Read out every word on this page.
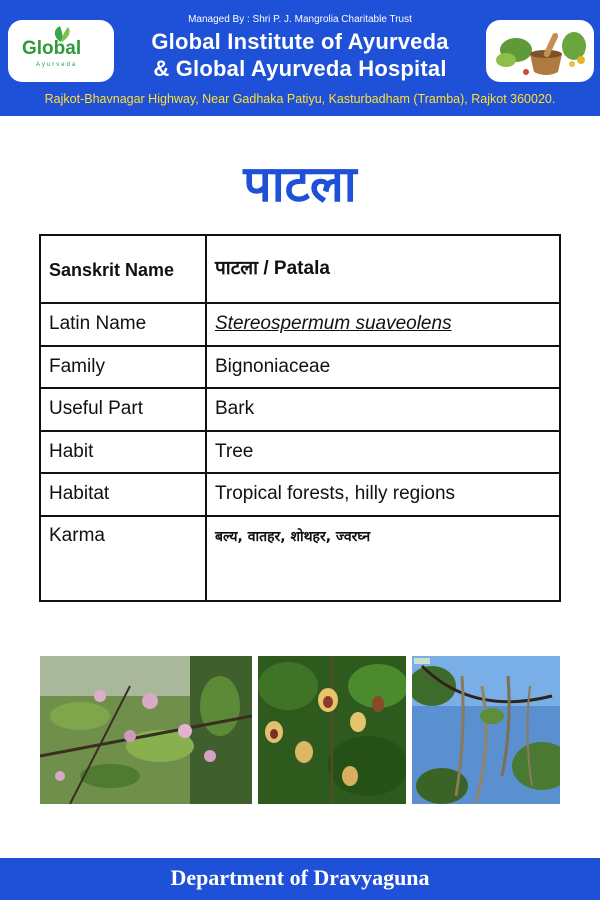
Managed By : Shri P. J. Mangrolia Charitable Trust
Global
Ayurveda
Global Institute of Ayurveda
& Global Ayurveda Hospital
Rajkot-Bhavnagar Highway, Near Gadhaka Patiyu, Kasturbadham (Tramba), Rajkot 360020.
पाटला
Sanskrit Name	पाटला / Patala
Latin Name	Stereospermum suaveolens
Family	Bignoniaceae
Useful Part	Bark
Habit	Tree
Habitat	Tropical forests, hilly regions
Karma	बल्य, वातहर, शोथहर, ज्वरघ्न
Department of Dravyaguna
